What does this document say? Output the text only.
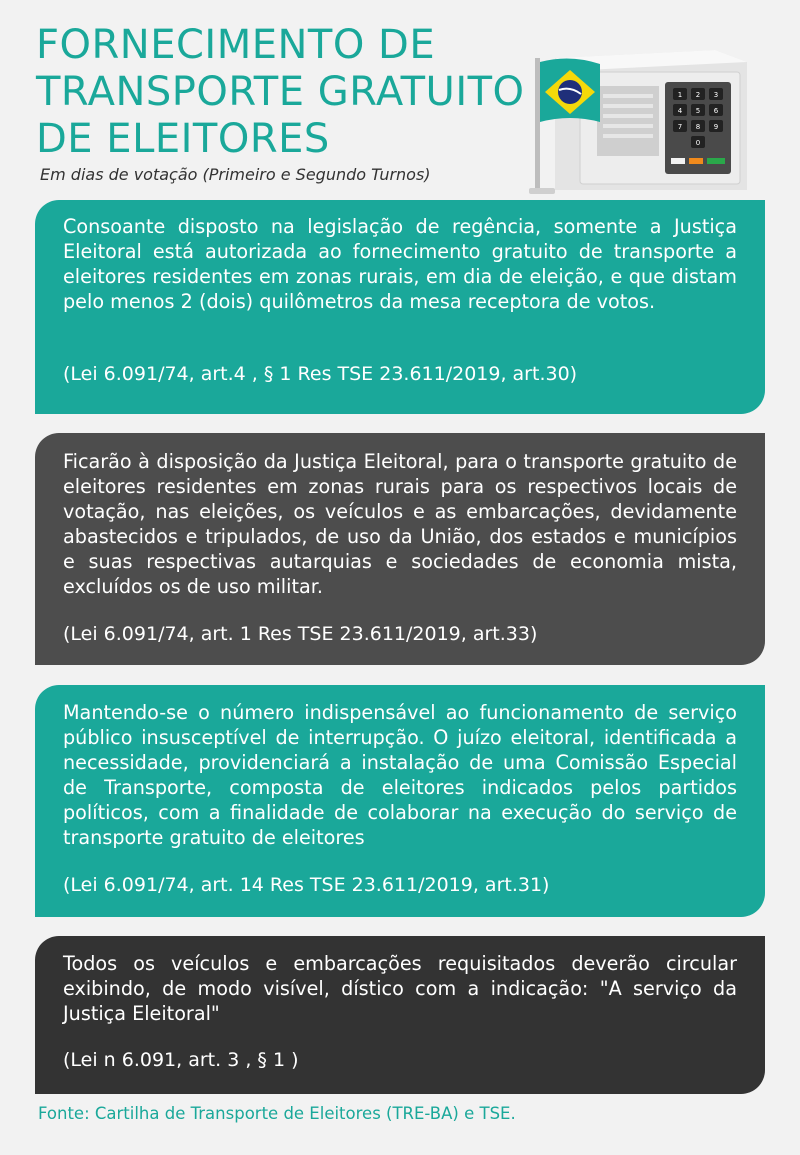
FORNECIMENTO DE
TRANSPORTE GRATUITO
DE ELEITORES

Em dias de votação (Primeiro e Segundo Turnos)

1 2 3
4 5 6
7 8 9
0

Consoante disposto na legislação de regência, somente a Justiça Eleitoral está autorizada ao fornecimento gratuito de transporte a eleitores residentes em zonas rurais, em dia de eleição, e que distam pelo menos 2 (dois) quilômetros da mesa receptora de votos.

(Lei 6.091/74, art.4 , § 1 Res TSE 23.611/2019, art.30)

Ficarão à disposição da Justiça Eleitoral, para o transporte gratuito de eleitores residentes em zonas rurais para os respectivos locais de votação, nas eleições, os veículos e as embarcações, devidamente abastecidos e tripulados, de uso da União, dos estados e municípios e suas respectivas autarquias e sociedades de economia mista, excluídos os de uso militar.

(Lei 6.091/74, art. 1 Res TSE 23.611/2019, art.33)

Mantendo-se o número indispensável ao funcionamento de serviço público insusceptível de interrupção. O juízo eleitoral, identificada a necessidade, providenciará a instalação de uma Comissão Especial de Transporte, composta de eleitores indicados pelos partidos políticos, com a finalidade de colaborar na execução do serviço de transporte gratuito de eleitores

(Lei 6.091/74, art. 14 Res TSE 23.611/2019, art.31)

Todos os veículos e embarcações requisitados deverão circular exibindo, de modo visível, dístico com a indicação: "A serviço da Justiça Eleitoral"

(Lei n 6.091, art. 3 , § 1 )

Fonte: Cartilha de Transporte de Eleitores (TRE-BA) e TSE.
